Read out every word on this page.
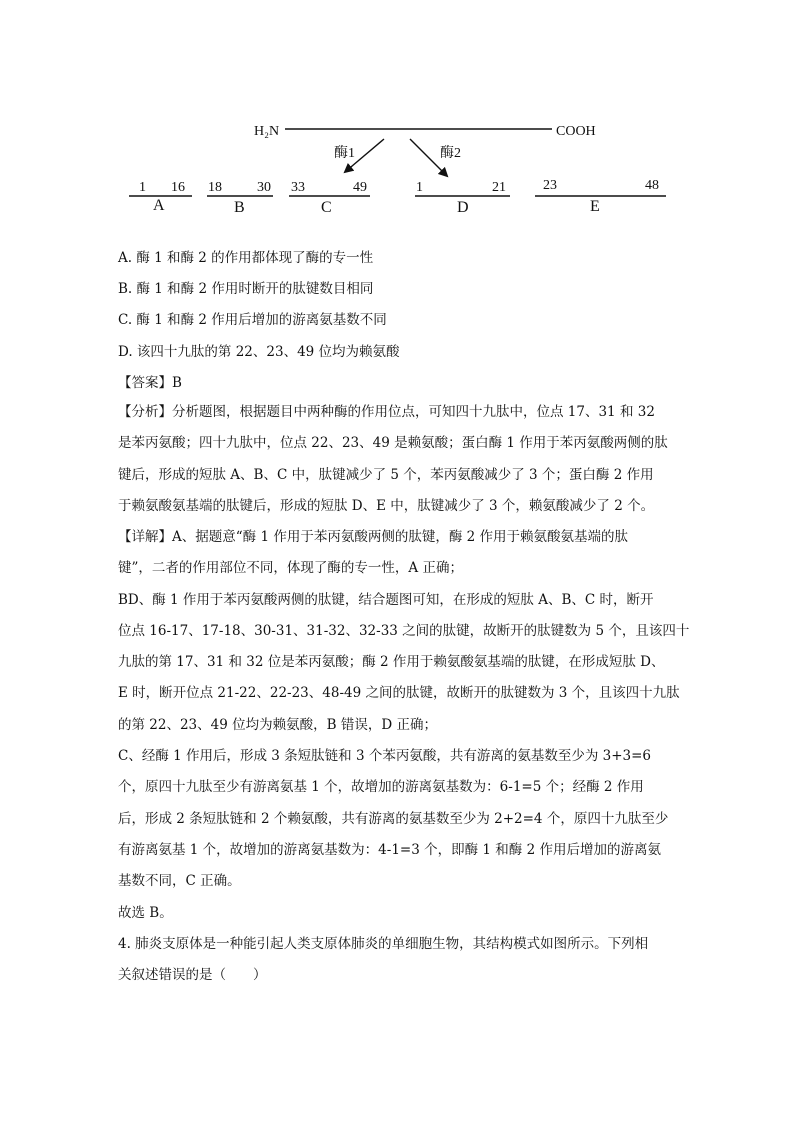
H₂N	COOH
酶1	酶2
1 16
A
18	30
B
33	49
C
1	21
D
23	48
E
A. 酶 1 和酶 2 的作用都体现了酶的专一性
B. 酶 1 和酶 2 作用时断开的肽键数目相同
C. 酶 1 和酶 2 作用后增加的游离氨基数不同
D. 该四十九肽的第 22、23、49 位均为赖氨酸
【答案】B
【分析】分析题图，根据题目中两种酶的作用位点，可知四十九肽中，位点 17、31 和 32
是苯丙氨酸；四十九肽中，位点 22、23、49 是赖氨酸；蛋白酶 1 作用于苯丙氨酸两侧的肽
键后，形成的短肽 A、B、C 中，肽键减少了 5 个，苯丙氨酸减少了 3 个；蛋白酶 2 作用
于赖氨酸氨基端的肽键后，形成的短肽 D、E 中，肽键减少了 3 个，赖氨酸减少了 2 个。
【详解】A、据题意“酶 1 作用于苯丙氨酸两侧的肽键，酶 2 作用于赖氨酸氨基端的肽
键”，二者的作用部位不同，体现了酶的专一性，A 正确；
BD、酶 1 作用于苯丙氨酸两侧的肽键，结合题图可知，在形成的短肽 A、B、C 时，断开
位点 16-17、17-18、30-31、31-32、32-33 之间的肽键，故断开的肽键数为 5 个，且该四十
九肽的第 17、31 和 32 位是苯丙氨酸；酶 2 作用于赖氨酸氨基端的肽键，在形成短肽 D、
E 时，断开位点 21-22、22-23、48-49 之间的肽键，故断开的肽键数为 3 个，且该四十九肽
的第 22、23、49 位均为赖氨酸，B 错误，D 正确；
C、经酶 1 作用后，形成 3 条短肽链和 3 个苯丙氨酸，共有游离的氨基数至少为 3+3=6
个，原四十九肽至少有游离氨基 1 个，故增加的游离氨基数为：6-1=5 个；经酶 2 作用
后，形成 2 条短肽链和 2 个赖氨酸，共有游离的氨基数至少为 2+2=4 个，原四十九肽至少
有游离氨基 1 个，故增加的游离氨基数为：4-1=3 个，即酶 1 和酶 2 作用后增加的游离氨
基数不同，C 正确。
故选 B。
4. 肺炎支原体是一种能引起人类支原体肺炎的单细胞生物，其结构模式如图所示。下列相
关叙述错误的是（　　）
